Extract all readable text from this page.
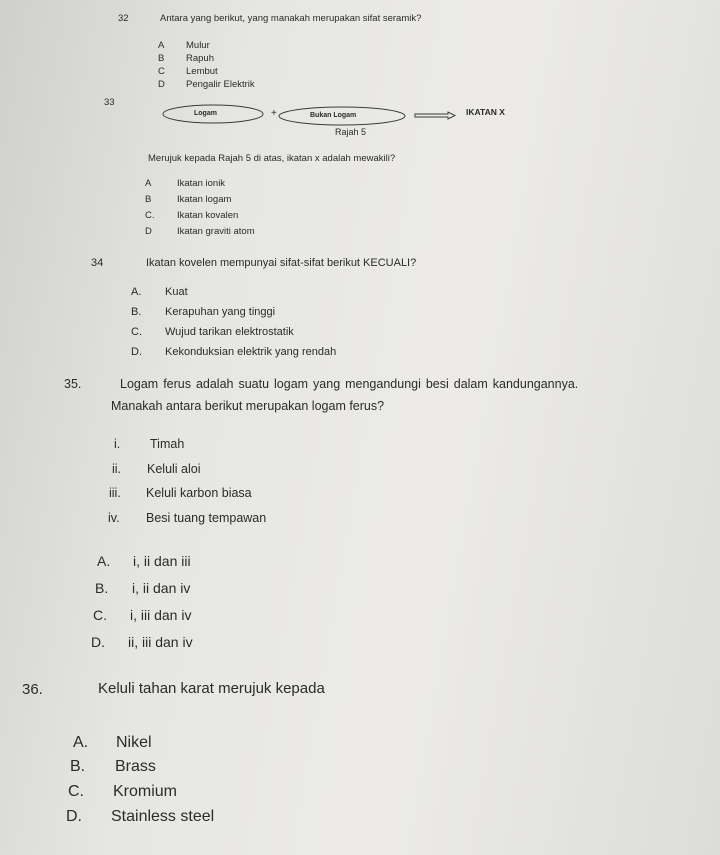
32	Antara yang berikut, yang manakah merupakan sifat seramik?
A Mulur
B Rapuh
C Lembut
D Pengalir Elektrik
33
Logam	+	Bukan Logam	IKATAN X
Rajah 5
Merujuk kepada Rajah 5 di atas, ikatan x adalah mewakili?
A	Ikatan ionik
B	Ikatan logam
C. Ikatan kovalen
D	Ikatan graviti atom
34	Ikatan kovelen mempunyai sifat-sifat berikut KECUALI?
A. Kuat
B. Kerapuhan yang tinggi
C. Wujud tarikan elektrostatik
D. Kekonduksian elektrik yang rendah
35.	Logam ferus adalah suatu logam yang mengandungi besi dalam kandungannya.
Manakah antara berikut merupakan logam ferus?
i. Timah
ii. Keluli aloi
iii. Keluli karbon biasa
iv. Besi tuang tempawan
A. i, ii dan iii
B. i, ii dan iv
C. i, iii dan iv
D. ii, iii dan iv
36.	Keluli tahan karat merujuk kepada
A. Nikel
B. Brass
C. Kromium
D. Stainless steel
